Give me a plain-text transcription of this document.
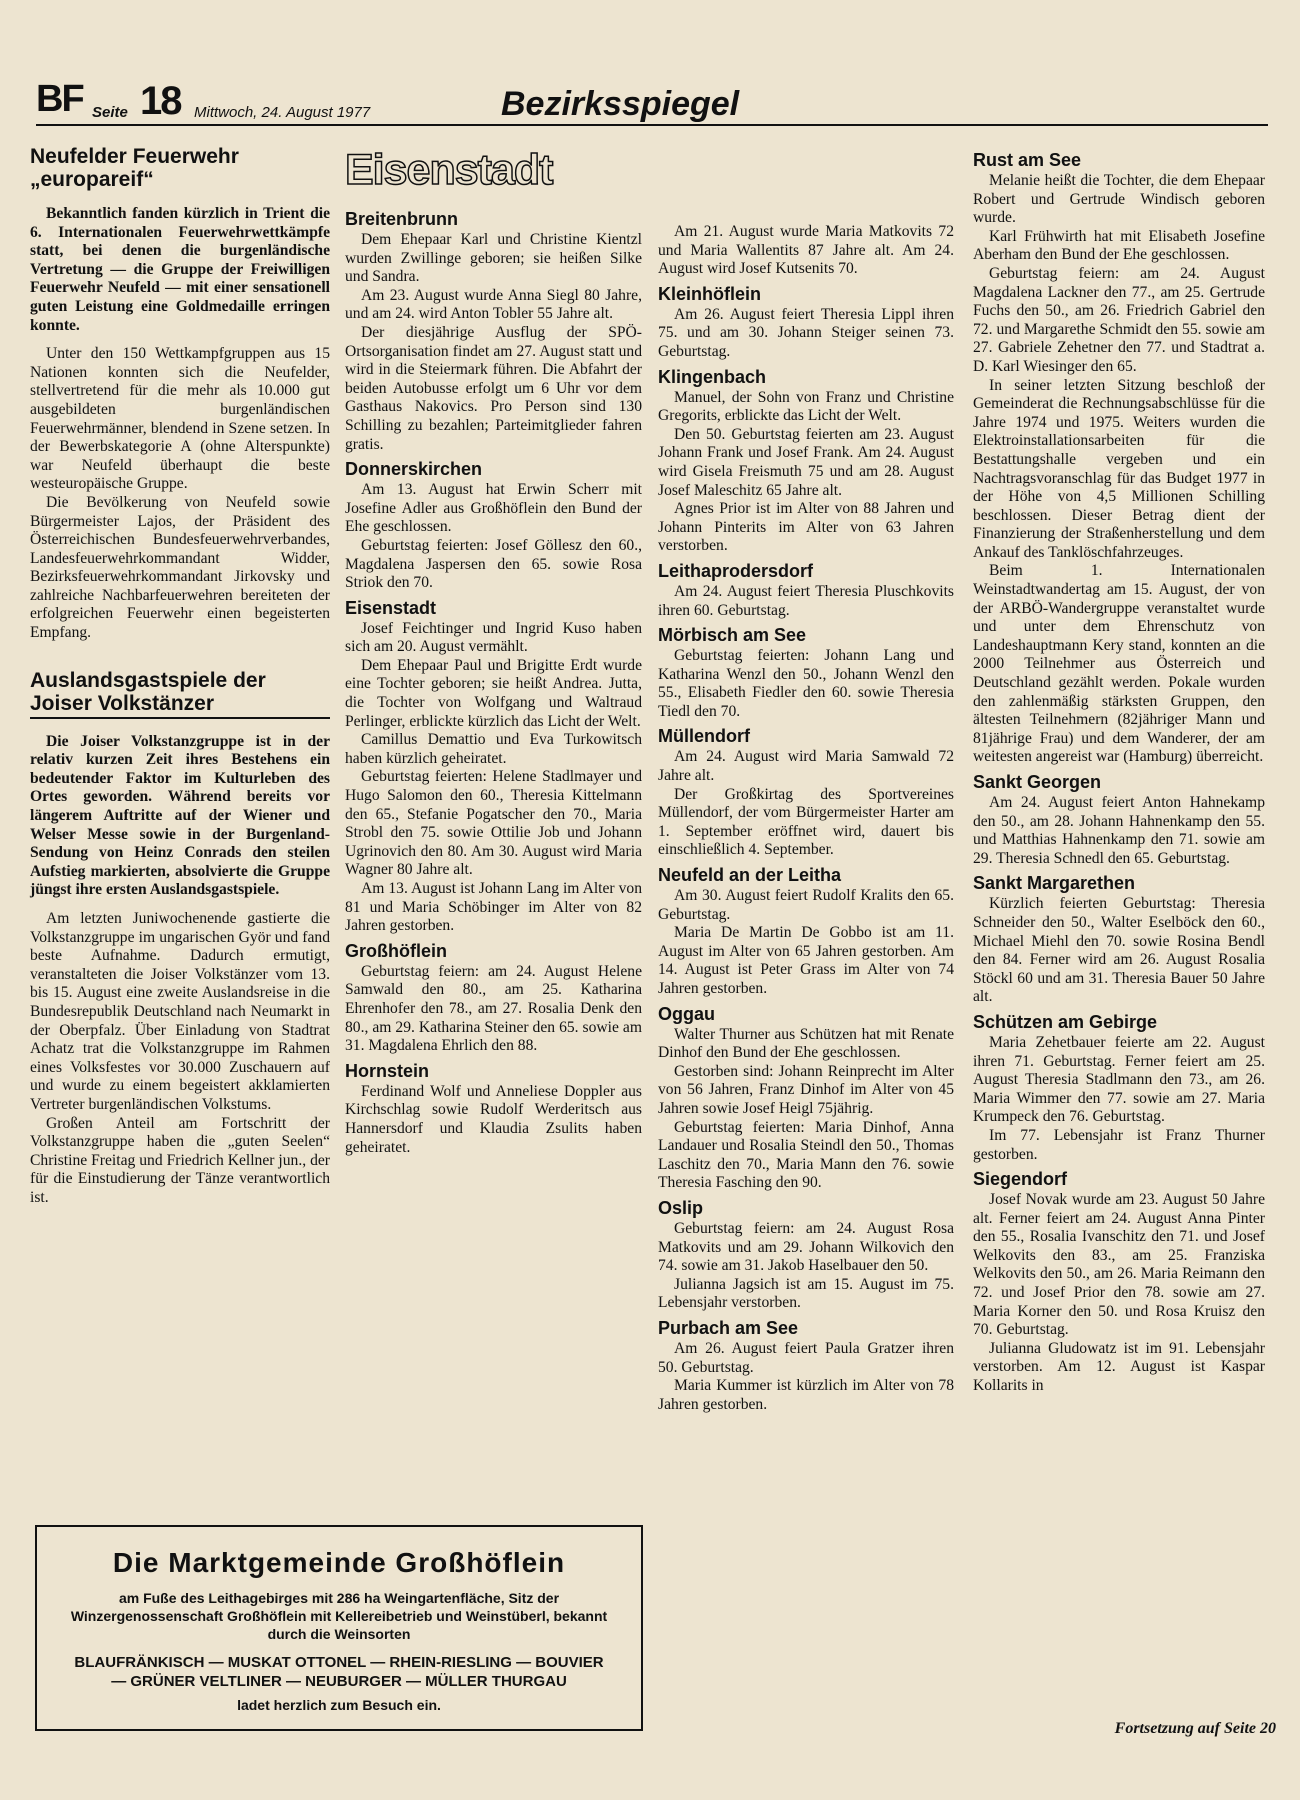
BF Seite 18 Mittwoch, 24. August 1977	Bezirksspiegel
Neufelder Feuerwehr „europareif“

Bekanntlich fanden kürzlich in Trient die 6. Internationalen Feuerwehrwettkämpfe statt, bei denen die burgenländische Vertretung — die Gruppe der Freiwilligen Feuerwehr Neufeld — mit einer sensationell guten Leistung eine Goldmedaille erringen konnte.

Unter den 150 Wettkampfgruppen aus 15 Nationen konnten sich die Neufelder, stellvertretend für die mehr als 10.000 gut ausgebildeten burgenländischen Feuerwehrmänner, blendend in Szene setzen. In der Bewerbskategorie A (ohne Alterspunkte) war Neufeld überhaupt die beste westeuropäische Gruppe.

Die Bevölkerung von Neufeld sowie Bürgermeister Lajos, der Präsident des Österreichischen Bundesfeuerwehrverbandes, Landesfeuerwehrkommandant Widder, Bezirksfeuerwehrkommandant Jirkovsky und zahlreiche Nachbarfeuerwehren bereiteten der erfolgreichen Feuerwehr einen begeisterten Empfang.

Auslandsgastspiele der Joiser Volkstänzer

Die Joiser Volkstanzgruppe ist in der relativ kurzen Zeit ihres Bestehens ein bedeutender Faktor im Kulturleben des Ortes geworden. Während bereits vor längerem Auftritte auf der Wiener und Welser Messe sowie in der Burgenland-Sendung von Heinz Conrads den steilen Aufstieg markierten, absolvierte die Gruppe jüngst ihre ersten Auslandsgastspiele.

Am letzten Juniwochenende gastierte die Volkstanzgruppe im ungarischen Györ und fand beste Aufnahme. Dadurch ermutigt, veranstalteten die Joiser Volkstänzer vom 13. bis 15. August eine zweite Auslandsreise in die Bundesrepublik Deutschland nach Neumarkt in der Oberpfalz. Über Einladung von Stadtrat Achatz trat die Volkstanzgruppe im Rahmen eines Volksfestes vor 30.000 Zuschauern auf und wurde zu einem begeistert akklamierten Vertreter burgenländischen Volkstums.

Großen Anteil am Fortschritt der Volkstanzgruppe haben die „guten Seelen“ Christine Freitag und Friedrich Kellner jun., der für die Einstudierung der Tänze verantwortlich ist.

Eisenstadt
Breitenbrunn

Dem Ehepaar Karl und Christine Kientzl wurden Zwillinge geboren; sie heißen Silke und Sandra.

Am 23. August wurde Anna Siegl 80 Jahre, und am 24. wird Anton Tobler 55 Jahre alt.

Der diesjährige Ausflug der SPÖ-Ortsorganisation findet am 27. August statt und wird in die Steiermark führen. Die Abfahrt der beiden Autobusse erfolgt um 6 Uhr vor dem Gasthaus Nakovics. Pro Person sind 130 Schilling zu bezahlen; Parteimitglieder fahren gratis.

Donnerskirchen

Am 13. August hat Erwin Scherr mit Josefine Adler aus Großhöflein den Bund der Ehe geschlossen.

Geburtstag feierten: Josef Göllesz den 60., Magdalena Jaspersen den 65. sowie Rosa Striok den 70.

Eisenstadt

Josef Feichtinger und Ingrid Kuso haben sich am 20. August vermählt.

Dem Ehepaar Paul und Brigitte Erdt wurde eine Tochter geboren; sie heißt Andrea. Jutta, die Tochter von Wolfgang und Waltraud Perlinger, erblickte kürzlich das Licht der Welt.

Camillus Demattio und Eva Turkowitsch haben kürzlich geheiratet.

Geburtstag feierten: Helene Stadlmayer und Hugo Salomon den 60., Theresia Kittelmann den 65., Stefanie Pogatscher den 70., Maria Strobl den 75. sowie Ottilie Job und Johann Ugrinovich den 80. Am 30. August wird Maria Wagner 80 Jahre alt.

Am 13. August ist Johann Lang im Alter von 81 und Maria Schöbinger im Alter von 82 Jahren gestorben.

Großhöflein

Geburtstag feiern: am 24. August Helene Samwald den 80., am 25. Katharina Ehrenhofer den 78., am 27. Rosalia Denk den 80., am 29. Katharina Steiner den 65. sowie am 31. Magdalena Ehrlich den 88.

Hornstein

Ferdinand Wolf und Anneliese Doppler aus Kirchschlag sowie Rudolf Werderitsch aus Hannersdorf und Klaudia Zsulits haben geheiratet.

Am 21. August wurde Maria Matkovits 72 und Maria Wallentits 87 Jahre alt. Am 24. August wird Josef Kutsenits 70.

Kleinhöflein

Am 26. August feiert Theresia Lippl ihren 75. und am 30. Johann Steiger seinen 73. Geburtstag.

Klingenbach

Manuel, der Sohn von Franz und Christine Gregorits, erblickte das Licht der Welt.

Den 50. Geburtstag feierten am 23. August Johann Frank und Josef Frank. Am 24. August wird Gisela Freismuth 75 und am 28. August Josef Maleschitz 65 Jahre alt.

Agnes Prior ist im Alter von 88 Jahren und Johann Pinterits im Alter von 63 Jahren verstorben.

Leithaprodersdorf

Am 24. August feiert Theresia Pluschkovits ihren 60. Geburtstag.

Mörbisch am See

Geburtstag feierten: Johann Lang und Katharina Wenzl den 50., Johann Wenzl den 55., Elisabeth Fiedler den 60. sowie Theresia Tiedl den 70.

Müllendorf

Am 24. August wird Maria Samwald 72 Jahre alt.

Der Großkirtag des Sportvereines Müllendorf, der vom Bürgermeister Harter am 1. September eröffnet wird, dauert bis einschließlich 4. September.

Neufeld an der Leitha

Am 30. August feiert Rudolf Kralits den 65. Geburtstag.

Maria De Martin De Gobbo ist am 11. August im Alter von 65 Jahren gestorben. Am 14. August ist Peter Grass im Alter von 74 Jahren gestorben.

Oggau

Walter Thurner aus Schützen hat mit Renate Dinhof den Bund der Ehe geschlossen.

Gestorben sind: Johann Reinprecht im Alter von 56 Jahren, Franz Dinhof im Alter von 45 Jahren sowie Josef Heigl 75jährig.

Geburtstag feierten: Maria Dinhof, Anna Landauer und Rosalia Steindl den 50., Thomas Laschitz den 70., Maria Mann den 76. sowie Theresia Fasching den 90.

Oslip

Geburtstag feiern: am 24. August Rosa Matkovits und am 29. Johann Wilkovich den 74. sowie am 31. Jakob Haselbauer den 50.

Julianna Jagsich ist am 15. August im 75. Lebensjahr verstorben.

Purbach am See

Am 26. August feiert Paula Gratzer ihren 50. Geburtstag.

Maria Kummer ist kürzlich im Alter von 78 Jahren gestorben.

Rust am See

Melanie heißt die Tochter, die dem Ehepaar Robert und Gertrude Windisch geboren wurde.

Karl Frühwirth hat mit Elisabeth Josefine Aberham den Bund der Ehe geschlossen.

Geburtstag feiern: am 24. August Magdalena Lackner den 77., am 25. Gertrude Fuchs den 50., am 26. Friedrich Gabriel den 72. und Margarethe Schmidt den 55. sowie am 27. Gabriele Zehetner den 77. und Stadtrat a. D. Karl Wiesinger den 65.

In seiner letzten Sitzung beschloß der Gemeinderat die Rechnungsabschlüsse für die Jahre 1974 und 1975. Weiters wurden die Elektroinstallationsarbeiten für die Bestattungshalle vergeben und ein Nachtragsvoranschlag für das Budget 1977 in der Höhe von 4,5 Millionen Schilling beschlossen. Dieser Betrag dient der Finanzierung der Straßenherstellung und dem Ankauf des Tanklöschfahrzeuges.

Beim 1. Internationalen Weinstadtwandertag am 15. August, der von der ARBÖ-Wandergruppe veranstaltet wurde und unter dem Ehrenschutz von Landeshauptmann Kery stand, konnten an die 2000 Teilnehmer aus Österreich und Deutschland gezählt werden. Pokale wurden den zahlenmäßig stärksten Gruppen, den ältesten Teilnehmern (82jähriger Mann und 81jährige Frau) und dem Wanderer, der am weitesten angereist war (Hamburg) überreicht.

Sankt Georgen

Am 24. August feiert Anton Hahnekamp den 50., am 28. Johann Hahnenkamp den 55. und Matthias Hahnenkamp den 71. sowie am 29. Theresia Schnedl den 65. Geburtstag.

Sankt Margarethen

Kürzlich feierten Geburtstag: Theresia Schneider den 50., Walter Eselböck den 60., Michael Miehl den 70. sowie Rosina Bendl den 84. Ferner wird am 26. August Rosalia Stöckl 60 und am 31. Theresia Bauer 50 Jahre alt.

Schützen am Gebirge

Maria Zehetbauer feierte am 22. August ihren 71. Geburtstag. Ferner feiert am 25. August Theresia Stadlmann den 73., am 26. Maria Wimmer den 77. sowie am 27. Maria Krumpeck den 76. Geburtstag.

Im 77. Lebensjahr ist Franz Thurner gestorben.

Siegendorf

Josef Novak wurde am 23. August 50 Jahre alt. Ferner feiert am 24. August Anna Pinter den 55., Rosalia Ivanschitz den 71. und Josef Welkovits den 83., am 25. Franziska Welkovits den 50., am 26. Maria Reimann den 72. und Josef Prior den 78. sowie am 27. Maria Korner den 50. und Rosa Kruisz den 70. Geburtstag.

Julianna Gludowatz ist im 91. Lebensjahr verstorben. Am 12. August ist Kaspar Kollarits in

Die Marktgemeinde Großhöflein
am Fuße des Leithagebirges mit 286 ha Weingartenfläche, Sitz der Winzergenossenschaft Großhöflein mit Kellereibetrieb und Weinstüberl, bekannt durch die Weinsorten
BLAUFRÄNKISCH — MUSKAT OTTONEL — RHEIN-RIESLING — BOUVIER — GRÜNER VELTLINER — NEUBURGER — MÜLLER THURGAU
ladet herzlich zum Besuch ein.
Fortsetzung auf Seite 20
